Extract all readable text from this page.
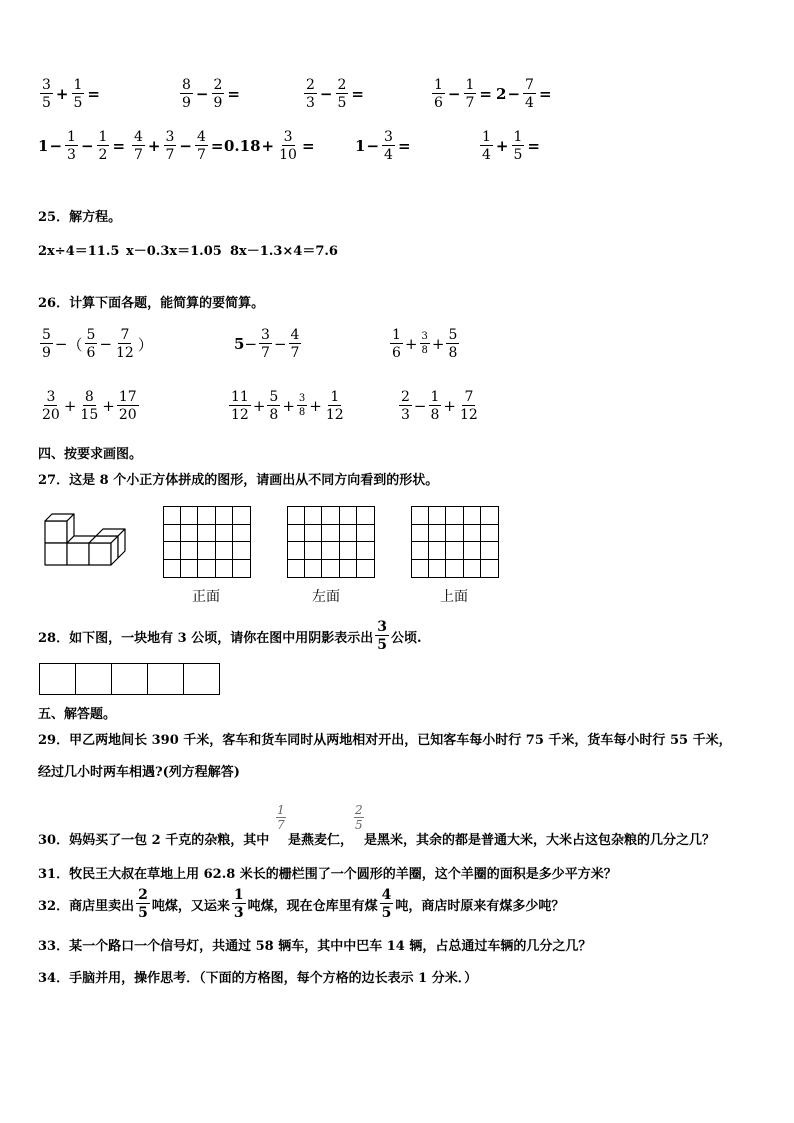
$\frac{3}{5} + \frac{1}{5}$ =	$\frac{8}{9} - \frac{2}{9}$ =	$\frac{2}{3} - \frac{2}{5}$ =	$\frac{1}{6} - \frac{1}{7} = 2 - \frac{7}{4}$ =
$1 - \frac{1}{3} - \frac{1}{2} = \frac{4}{7} + \frac{3}{7} - \frac{4}{7} = 0.18 + \frac{3}{10}$ =	$1 - \frac{3}{4}$ =	$\frac{1}{4} + \frac{1}{5}$ =
25．解方程。
2x÷4＝11.5 x－0.3x＝1.05 8x－1.3×4＝7.6
26．计算下面各题，能简算的要简算。
$\frac{5}{9}$ − （ $\frac{5}{6} - \frac{7}{12}$ ）	$5 - \frac{3}{7} - \frac{4}{7}$	$\frac{1}{6} + \frac{3}{8} + \frac{5}{8}$
$\frac{3}{20} + \frac{8}{15} + \frac{17}{20}$	$\frac{11}{12} + \frac{5}{8} + \frac{3}{8} + \frac{1}{12}$	$\frac{2}{3} - \frac{1}{8} + \frac{7}{12}$
四、按要求画图。
27．这是 8 个小正方体拼成的图形，请画出从不同方向看到的形状。
正面	左面	上面
28．如下图，一块地有 3 公顷，请你在图中用阴影表示出 $\frac{3}{5}$ 公顷.
五、解答题。
29．甲乙两地间长 390 千米，客车和货车同时从两地相对开出，已知客车每小时行 75 千米，货车每小时行 55 千米，
经过几小时两车相遇?(列方程解答)
1
7
2
5
30．妈妈买了一包 2 千克的杂粮，其中 是燕麦仁， 是黑米，其余的都是普通大米，大米占这包杂粮的几分之几？
31．牧民王大叔在草地上用 62.8 米长的栅栏围了一个圆形的羊圈，这个羊圈的面积是多少平方米？
32．商店里卖出 $\frac{2}{5}$ 吨煤，又运来 $\frac{1}{3}$ 吨煤，现在仓库里有煤 $\frac{4}{5}$ 吨，商店时原来有煤多少吨？
33．某一个路口一个信号灯，共通过 58 辆车，其中中巴车 14 辆，占总通过车辆的几分之几？
34．手脑并用，操作思考．（下面的方格图，每个方格的边长表示 1 分米．）
